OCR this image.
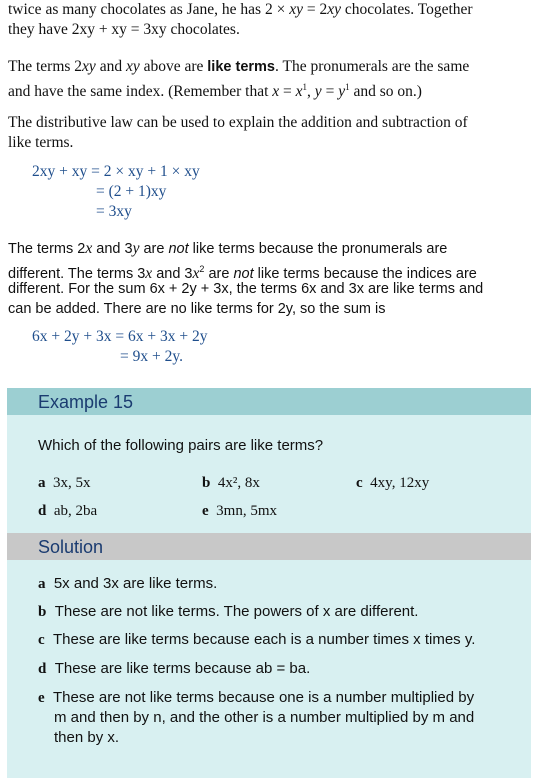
twice as many chocolates as Jane, he has 2 × xy = 2xy chocolates. Together

they have 2xy + xy = 3xy chocolates.

The terms 2xy and xy above are like terms. The pronumerals are the same

and have the same index. (Remember that $x = x^1$, $y = y^1$ and so on.)

The distributive law can be used to explain the addition and subtraction of

like terms.

2xy + xy = 2 × xy + 1 × xy
= (2 + 1)xy
= 3xy

The terms 2x and 3y are not like terms because the pronumerals are

different. The terms 3x and $3x^2$ are not like terms because the indices are

different. For the sum 6x + 2y + 3x, the terms 6x and 3x are like terms and

can be added. There are no like terms for 2y, so the sum is

6x + 2y + 3x = 6x + 3x + 2y
= 9x + 2y.
Example 15
Which of the following pairs are like terms?
a 3x, 5x	b 4x², 8x	c 4xy, 12xy
d ab, 2ba	e 3mn, 5mx
Solution
a 5x and 3x are like terms.
b These are not like terms. The powers of x are different.
c These are like terms because each is a number times x times y.
d These are like terms because ab = ba.
e These are not like terms because one is a number multiplied by
m and then by n, and the other is a number multiplied by m and
then by x.
